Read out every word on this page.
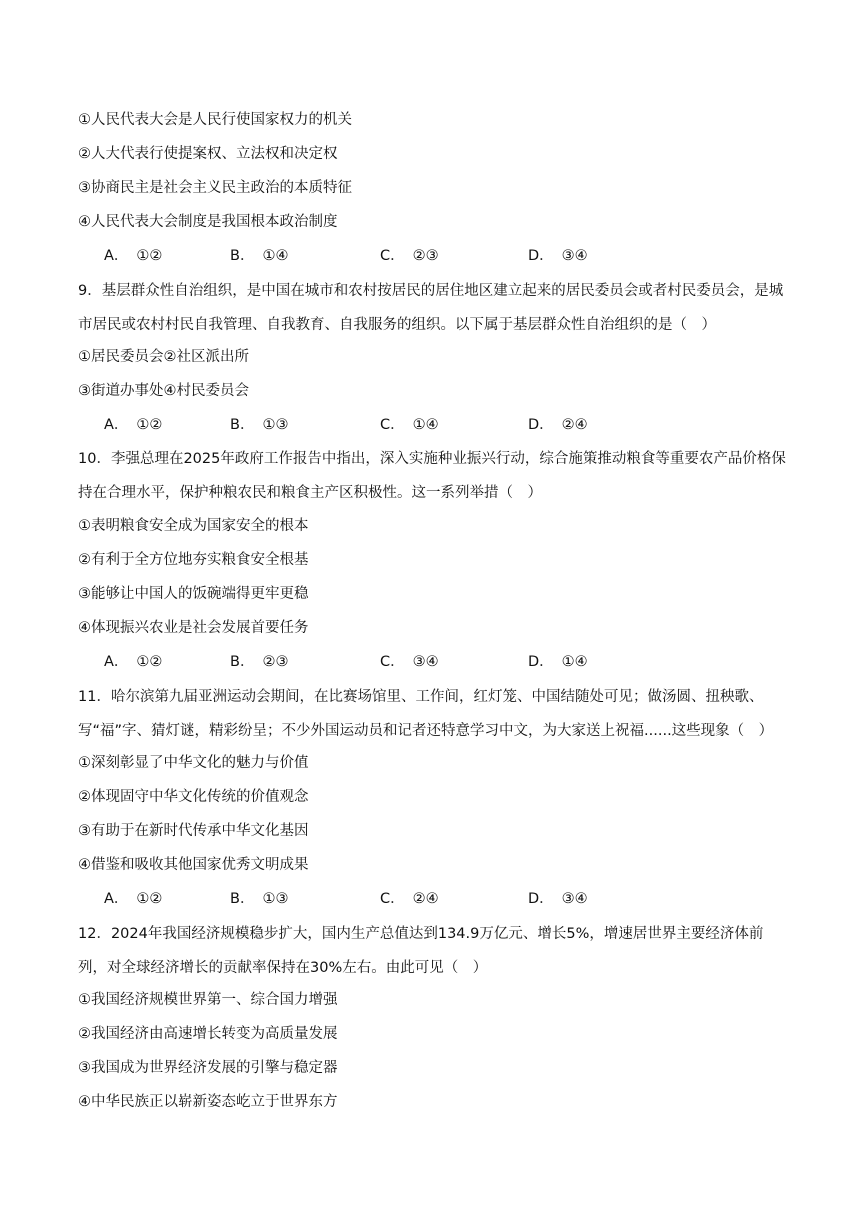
①人民代表大会是人民行使国家权力的机关
②人大代表行使提案权、立法权和决定权
③协商民主是社会主义民主政治的本质特征
④人民代表大会制度是我国根本政治制度
A． ①②	B． ①④	C． ②③	D． ③④
9．基层群众性自治组织，是中国在城市和农村按居民的居住地区建立起来的居民委员会或者村民委员会，是城市居民或农村村民自我管理、自我教育、自我服务的组织。以下属于基层群众性自治组织的是（　）
①居民委员会②社区派出所
③街道办事处④村民委员会
A． ①②	B． ①③	C． ①④	D． ②④
10．李强总理在2025年政府工作报告中指出，深入实施种业振兴行动，综合施策推动粮食等重要农产品价格保持在合理水平，保护种粮农民和粮食主产区积极性。这一系列举措（　）
①表明粮食安全成为国家安全的根本
②有利于全方位地夯实粮食安全根基
③能够让中国人的饭碗端得更牢更稳
④体现振兴农业是社会发展首要任务
A． ①②	B． ②③	C． ③④	D． ①④
11．哈尔滨第九届亚洲运动会期间，在比赛场馆里、工作间，红灯笼、中国结随处可见；做汤圆、扭秧歌、写“福”字、猜灯谜，精彩纷呈；不少外国运动员和记者还特意学习中文，为大家送上祝福......这些现象（　）
①深刻彰显了中华文化的魅力与价值
②体现固守中华文化传统的价值观念
③有助于在新时代传承中华文化基因
④借鉴和吸收其他国家优秀文明成果
A． ①②	B． ①③	C． ②④	D． ③④
12．2024年我国经济规模稳步扩大，国内生产总值达到134.9万亿元、增长5%，增速居世界主要经济体前列，对全球经济增长的贡献率保持在30%左右。由此可见（　）
①我国经济规模世界第一、综合国力增强
②我国经济由高速增长转变为高质量发展
③我国成为世界经济发展的引擎与稳定器
④中华民族正以崭新姿态屹立于世界东方
